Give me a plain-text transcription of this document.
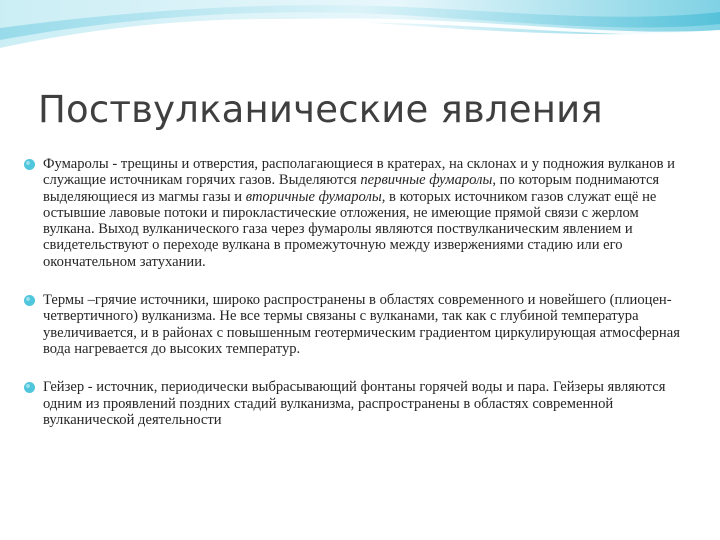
Поствулканические явления
Фумаролы - трещины и отверстия, располагающиеся в кратерах, на склонах и у подножия вулканов и служащие источникам горячих газов. Выделяются первичные фумаролы, по которым поднимаются выделяющиеся из магмы газы и вторичные фумаролы, в которых источником газов служат ещё не остывшие лавовые потоки и пирокластические отложения, не имеющие прямой связи с жерлом вулкана. Выход вулканического газа через фумаролы являются поствулканическим явлением и свидетельствуют о переходе вулкана в промежуточную между извержениями стадию или его окончательном затухании.
Термы –грячие источники, широко распространены в областях современного и новейшего (плиоцен-четвертичного) вулканизма. Не все термы связаны с вулканами, так как с глубиной температура увеличивается, и в районах с повышенным геотермическим градиентом циркулирующая атмосферная вода нагревается до высоких температур.
Гейзер - источник, периодически выбрасывающий фонтаны горячей воды и пара. Гейзеры являются одним из проявлений поздних стадий вулканизма, распространены в областях современной вулканической деятельности
